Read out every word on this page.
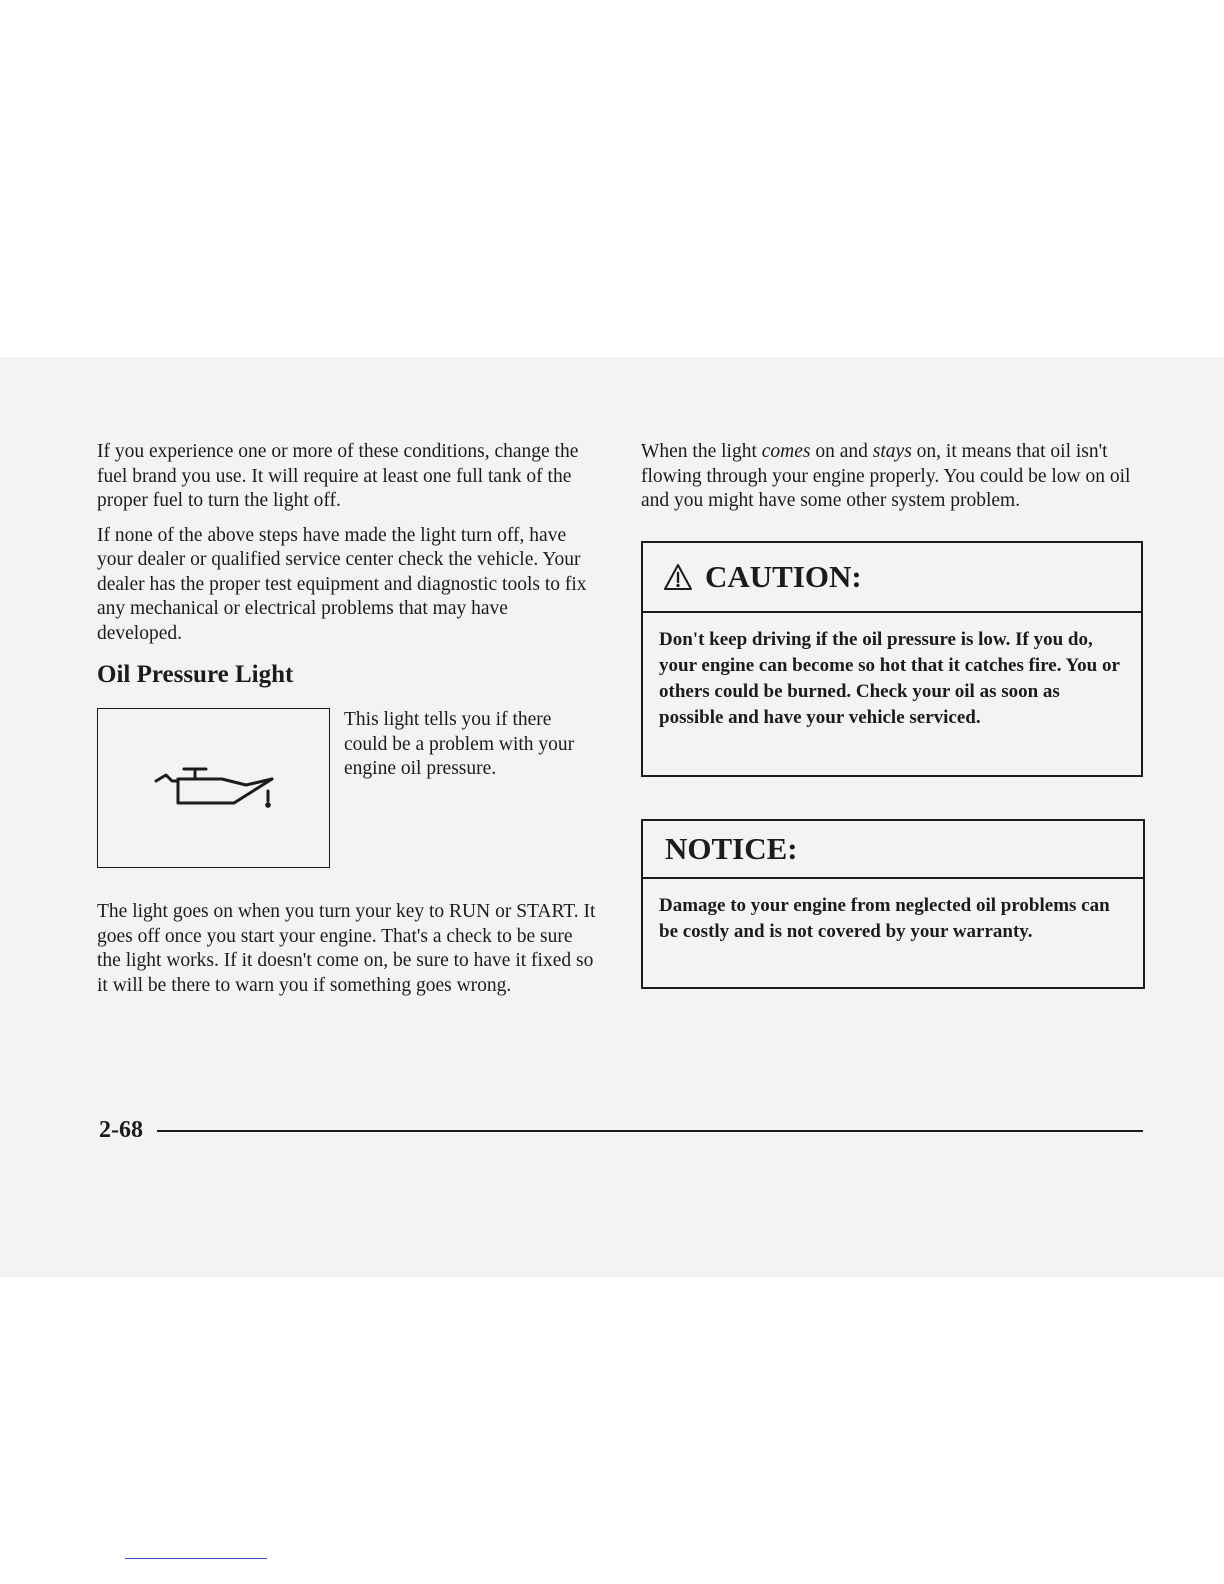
If you experience one or more of these conditions, change the fuel brand you use. It will require at least one full tank of the proper fuel to turn the light off.

If none of the above steps have made the light turn off, have your dealer or qualified service center check the vehicle. Your dealer has the proper test equipment and diagnostic tools to fix any mechanical or electrical problems that may have developed.

Oil Pressure Light

This light tells you if there could be a problem with your engine oil pressure.

The light goes on when you turn your key to RUN or START. It goes off once you start your engine. That's a check to be sure the light works. If it doesn't come on, be sure to have it fixed so it will be there to warn you if something goes wrong.

When the light comes on and stays on, it means that oil isn't flowing through your engine properly. You could be low on oil and you might have some other system problem.

CAUTION:
Don't keep driving if the oil pressure is low. If you do, your engine can become so hot that it catches fire. You or others could be burned. Check your oil as soon as possible and have your vehicle serviced.
NOTICE:
Damage to your engine from neglected oil problems can be costly and is not covered by your warranty.
2-68
